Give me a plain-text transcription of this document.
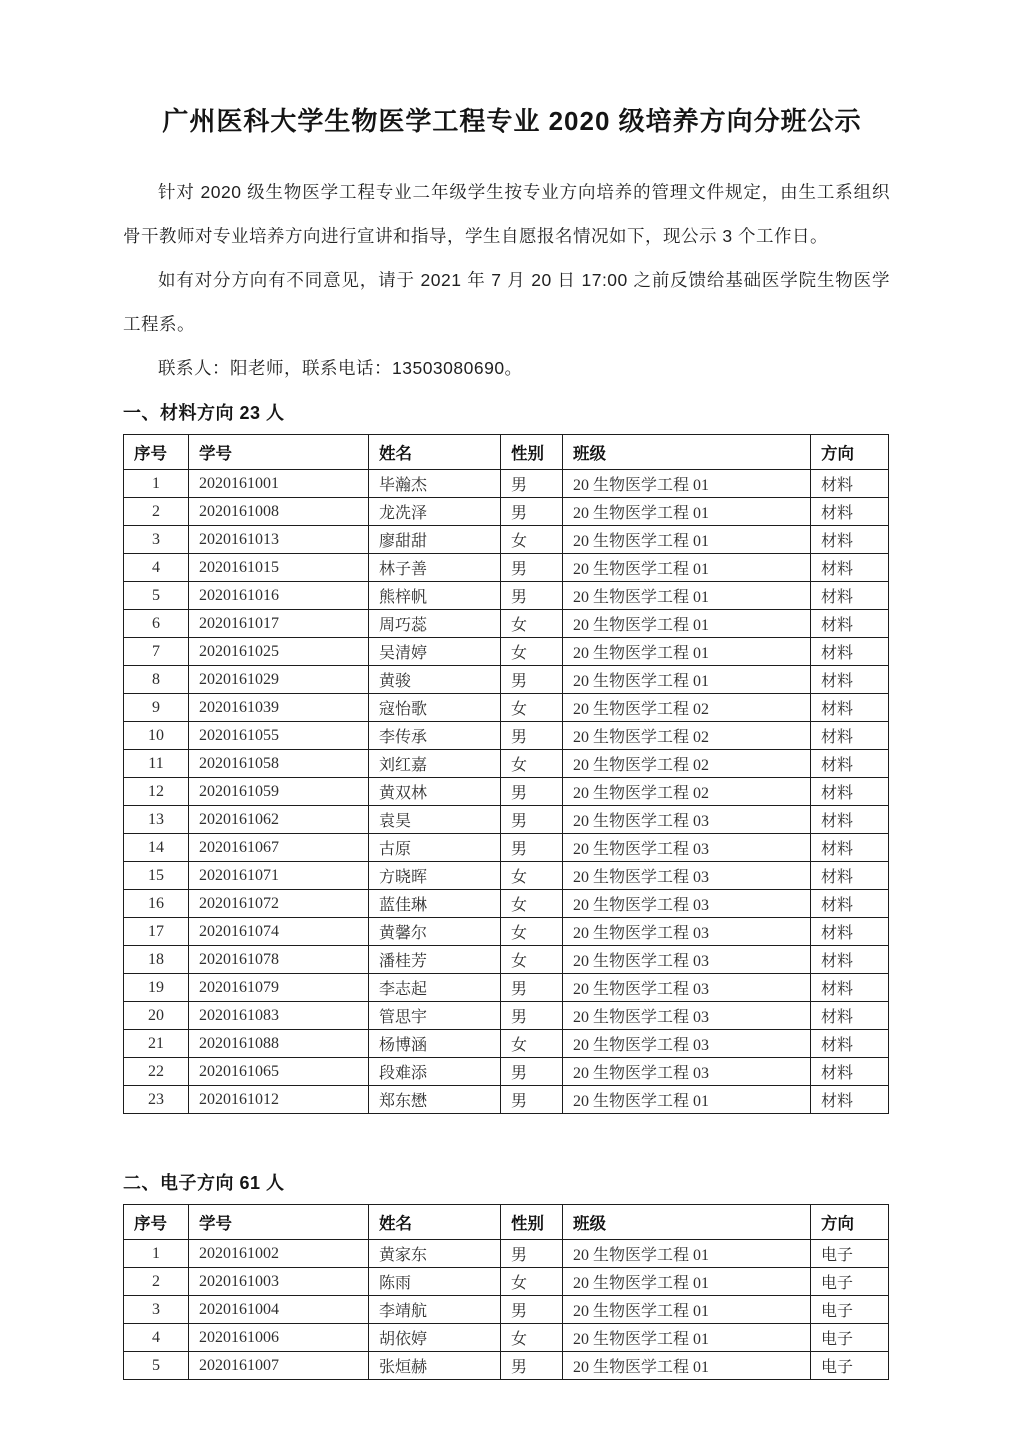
广州医科大学生物医学工程专业 2020 级培养方向分班公示

针对 2020 级生物医学工程专业二年级学生按专业方向培养的管理文件规定，由生工系组织骨干教师对专业培养方向进行宣讲和指导，学生自愿报名情况如下，现公示 3 个工作日。

如有对分方向有不同意见，请于 2021 年 7 月 20 日 17:00 之前反馈给基础医学院生物医学工程系。

联系人：阳老师，联系电话：13503080690。

一、材料方向 23 人
序号	学号	姓名	性别	班级	方向
1	2020161001	毕瀚杰	男	20 生物医学工程 01	材料
2	2020161008	龙冼泽	男	20 生物医学工程 01	材料
3	2020161013	廖甜甜	女	20 生物医学工程 01	材料
4	2020161015	林子善	男	20 生物医学工程 01	材料
5	2020161016	熊梓帆	男	20 生物医学工程 01	材料
6	2020161017	周巧蕊	女	20 生物医学工程 01	材料
7	2020161025	吴清婷	女	20 生物医学工程 01	材料
8	2020161029	黄骏	男	20 生物医学工程 01	材料
9	2020161039	寇怡歌	女	20 生物医学工程 02	材料
10	2020161055	李传承	男	20 生物医学工程 02	材料
11	2020161058	刘红嘉	女	20 生物医学工程 02	材料
12	2020161059	黄双林	男	20 生物医学工程 02	材料
13	2020161062	袁昊	男	20 生物医学工程 03	材料
14	2020161067	古原	男	20 生物医学工程 03	材料
15	2020161071	方晓晖	女	20 生物医学工程 03	材料
16	2020161072	蓝佳琳	女	20 生物医学工程 03	材料
17	2020161074	黄馨尔	女	20 生物医学工程 03	材料
18	2020161078	潘桂芳	女	20 生物医学工程 03	材料
19	2020161079	李志起	男	20 生物医学工程 03	材料
20	2020161083	管思宇	男	20 生物医学工程 03	材料
21	2020161088	杨博涵	女	20 生物医学工程 03	材料
22	2020161065	段难添	男	20 生物医学工程 03	材料
23	2020161012	郑东懋	男	20 生物医学工程 01	材料
二、电子方向 61 人
序号	学号	姓名	性别	班级	方向
1	2020161002	黄家东	男	20 生物医学工程 01	电子
2	2020161003	陈雨	女	20 生物医学工程 01	电子
3	2020161004	李靖航	男	20 生物医学工程 01	电子
4	2020161006	胡依婷	女	20 生物医学工程 01	电子
5	2020161007	张烜赫	男	20 生物医学工程 01	电子
